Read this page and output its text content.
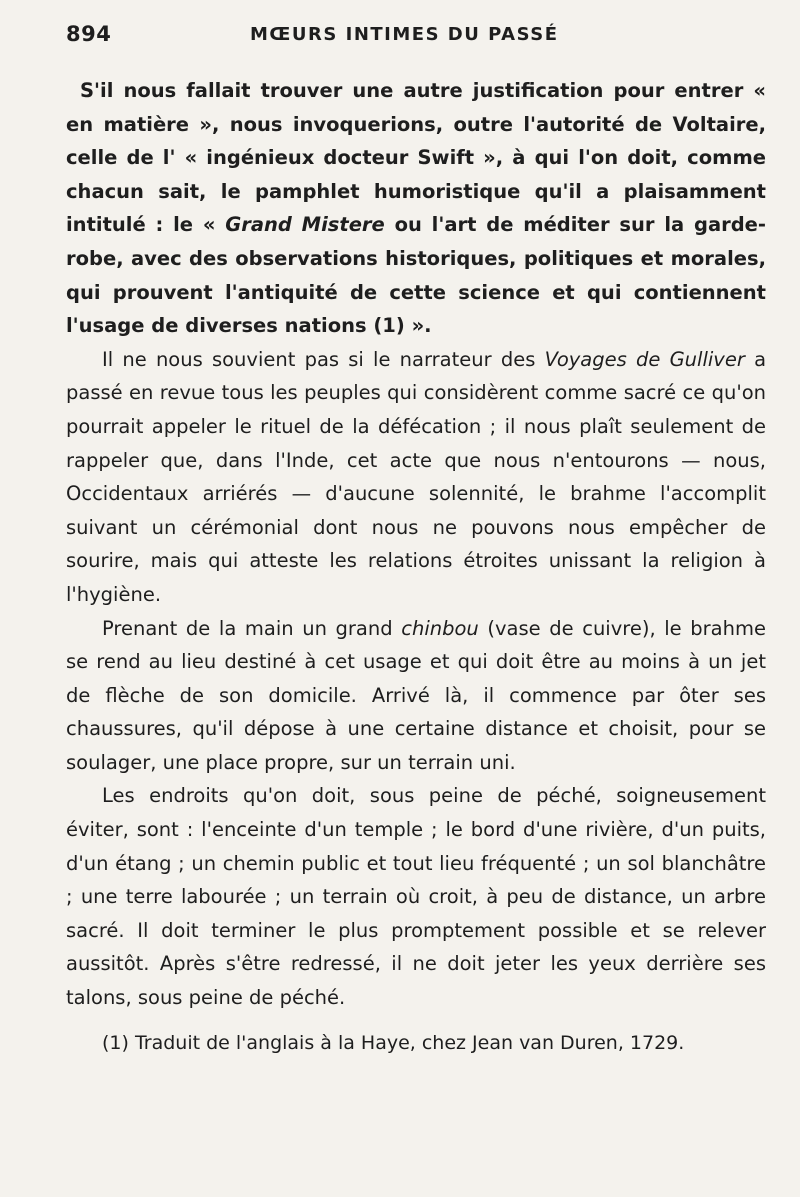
894	MŒURS INTIMES DU PASSÉ

S'il nous fallait trouver une autre justification pour entrer « en matière », nous invoquerions, outre l'autorité de Voltaire, celle de l' « ingénieux docteur Swift », à qui l'on doit, comme chacun sait, le pamphlet humoristique qu'il a plaisamment intitulé : le « Grand Mistere ou l'art de méditer sur la garde-robe, avec des observations historiques, politiques et morales, qui prouvent l'antiquité de cette science et qui contiennent l'usage de diverses nations (1) ».

Il ne nous souvient pas si le narrateur des Voyages de Gulliver a passé en revue tous les peuples qui considèrent comme sacré ce qu'on pourrait appeler le rituel de la défécation ; il nous plaît seulement de rappeler que, dans l'Inde, cet acte que nous n'entourons — nous, Occidentaux arriérés — d'aucune solennité, le brahme l'accomplit suivant un cérémonial dont nous ne pouvons nous empêcher de sourire, mais qui atteste les relations étroites unissant la religion à l'hygiène.

Prenant de la main un grand chinbou (vase de cuivre), le brahme se rend au lieu destiné à cet usage et qui doit être au moins à un jet de flèche de son domicile. Arrivé là, il commence par ôter ses chaussures, qu'il dépose à une certaine distance et choisit, pour se soulager, une place propre, sur un terrain uni.

Les endroits qu'on doit, sous peine de péché, soigneusement éviter, sont : l'enceinte d'un temple ; le bord d'une rivière, d'un puits, d'un étang ; un chemin public et tout lieu fréquenté ; un sol blanchâtre ; une terre labourée ; un terrain où croit, à peu de distance, un arbre sacré. Il doit terminer le plus promptement possible et se relever aussitôt. Après s'être redressé, il ne doit jeter les yeux derrière ses talons, sous peine de péché.

(1) Traduit de l'anglais à la Haye, chez Jean van Duren, 1729.
